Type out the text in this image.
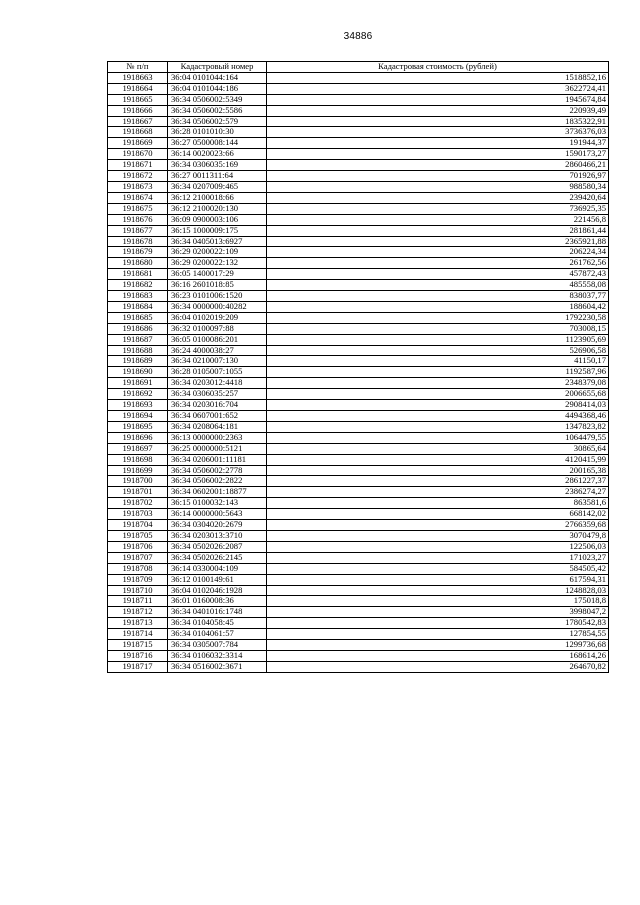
34886
№ п/п	Кадастровый номер	Кадастровая стоимость (рублей)
1918663	36:04 0101044:164	1518852,16
1918664	36:04 0101044:186	3622724,41
1918665	36:34 0506002:5349	1945674,84
1918666	36:34 0506002:5586	220939,49
1918667	36:34 0506002:579	1835322,91
1918668	36:28 0101010:30	3736376,03
1918669	36:27 0500008:144	191944,37
1918670	36:14 0020023:66	1590173,27
1918671	36:34 0306035:169	2860466,21
1918672	36:27 0011311:64	701926,97
1918673	36:34 0207009:465	988580,34
1918674	36:12 2100018:66	239420,64
1918675	36:12 2100020:130	736925,35
1918676	36:09 0900003:106	221456,8
1918677	36:15 1000009:175	281861,44
1918678	36:34 0405013:6927	2365921,88
1918679	36:29 0200022:109	206224,34
1918680	36:29 0200022:132	261762,56
1918681	36:05 1400017:29	457872,43
1918682	36:16 2601018:85	485558,08
1918683	36:23 0101006:1520	838037,77
1918684	36:34 0000000:40282	188604,42
1918685	36:04 0102019:209	1792230,58
1918686	36:32 0100097:88	703008,15
1918687	36:05 0100086:201	1123905,69
1918688	36:24 4000038:27	526906,58
1918689	36:34 0210007:130	41150,17
1918690	36:28 0105007:1055	1192587,96
1918691	36:34 0203012:4418	2348379,08
1918692	36:34 0306035:257	2006655,68
1918693	36:34 0203016:704	2908414,03
1918694	36:34 0607001:652	4494368,46
1918695	36:34 0208064:181	1347823,82
1918696	36:13 0000000:2363	1064479,55
1918697	36:25 0000000:5121	30865,64
1918698	36:34 0206001:11181	4120415,99
1918699	36:34 0506002:2778	200165,38
1918700	36:34 0506002:2822	2861227,37
1918701	36:34 0602001:18877	2386274,27
1918702	36:15 0100032:143	863581,6
1918703	36:14 0000000:5643	668142,02
1918704	36:34 0304020:2679	2766359,68
1918705	36:34 0203013:3710	3070479,8
1918706	36:34 0502026:2087	122506,03
1918707	36:34 0502026:2145	171023,27
1918708	36:14 0330004:109	584505,42
1918709	36:12 0100149:61	617594,31
1918710	36:04 0102046:1928	1248828,03
1918711	36:01 0160008:36	175018,8
1918712	36:34 0401016:1748	3998047,2
1918713	36:34 0104058:45	1780542,83
1918714	36:34 0104061:57	127854,55
1918715	36:34 0305007:784	1299736,68
1918716	36:34 0106032:3314	168614,26
1918717	36:34 0516002:3671	264670,82
